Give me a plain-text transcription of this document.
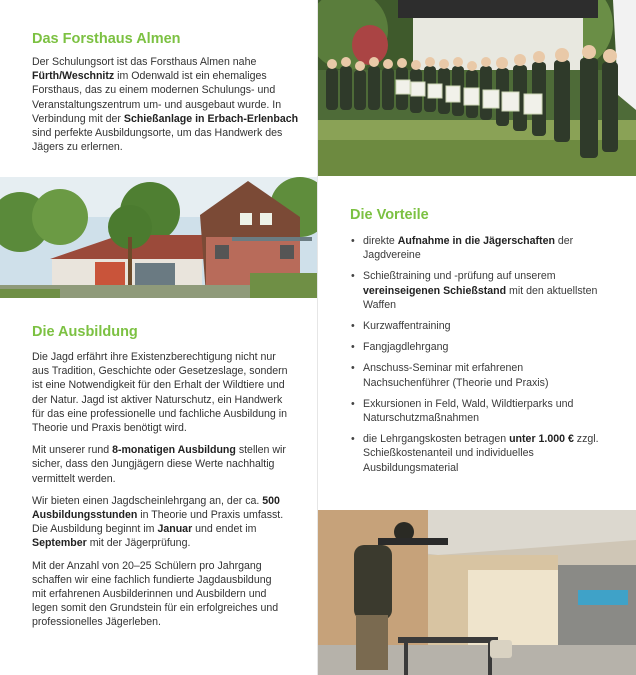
Das Forsthaus Almen
Der Schulungsort ist das Forsthaus Almen nahe Fürth/Weschnitz im Odenwald ist ein ehemaliges Forsthaus, das zu einem modernen Schulungs- und Veranstaltungszentrum um- und ausgebaut wurde. In Verbindung mit der Schießanlage in Erbach-Erlenbach sind perfekte Ausbildungsorte, um das Handwerk des Jägers zu erlernen.
Die Ausbildung

Die Jagd erfährt ihre Existenzberechtigung nicht nur aus Tradition, Geschichte oder Gesetzeslage, sondern ist eine Notwendigkeit für den Erhalt der Wildtiere und der Natur. Jagd ist aktiver Naturschutz, ein Handwerk für das eine professionelle und fachliche Ausbildung in Theorie und Praxis benötigt wird.

Mit unserer rund 8-monatigen Ausbildung stellen wir sicher, dass den Jungjägern diese Werte nachhaltig vermittelt werden.

Wir bieten einen Jagdscheinlehrgang an, der ca. 500 Ausbildungsstunden in Theorie und Praxis umfasst. Die Ausbildung beginnt im Januar und endet im September mit der Jägerprüfung.

Mit der Anzahl von 20–25 Schülern pro Jahrgang schaffen wir eine fachlich fundierte Jagdausbildung mit erfahrenen Ausbilderinnen und Ausbildern und legen somit den Grundstein für ein erfolgreiches und professionelles Jägerleben.

Die Vorteile
• direkte Aufnahme in die Jägerschaften der Jagdvereine
• Schießtraining und -prüfung auf unserem vereinseigenen Schießstand mit den aktuellsten Waffen
• Kurzwaffentraining
• Fangjagdlehrgang
• Anschuss-Seminar mit erfahrenen Nachsuchenführer (Theorie und Praxis)
• Exkursionen in Feld, Wald, Wildtierparks und Naturschutzmaßnahmen
• die Lehrgangskosten betragen unter 1.000 € zzgl. Schießkostenanteil und individuelles Ausbildungsmaterial
